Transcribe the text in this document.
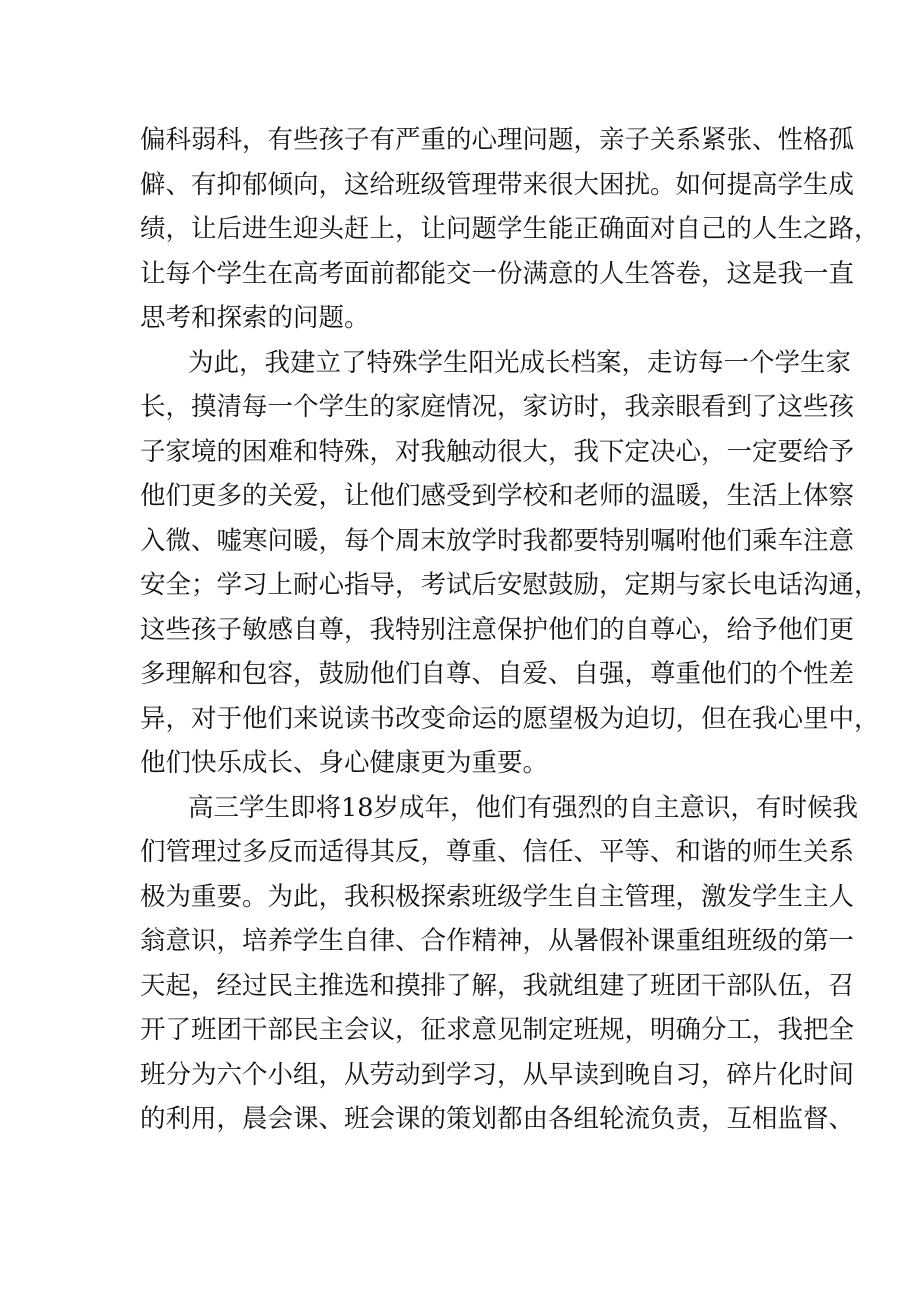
偏科弱科，有些孩子有严重的心理问题，亲子关系紧张、性格孤
僻、有抑郁倾向，这给班级管理带来很大困扰。如何提高学生成
绩，让后进生迎头赶上，让问题学生能正确面对自己的人生之路，
让每个学生在高考面前都能交一份满意的人生答卷，这是我一直
思考和探索的问题。
为此，我建立了特殊学生阳光成长档案，走访每一个学生家
长，摸清每一个学生的家庭情况，家访时，我亲眼看到了这些孩
子家境的困难和特殊，对我触动很大，我下定决心，一定要给予
他们更多的关爱，让他们感受到学校和老师的温暖，生活上体察
入微、嘘寒问暖，每个周末放学时我都要特别嘱咐他们乘车注意
安全；学习上耐心指导，考试后安慰鼓励，定期与家长电话沟通，
这些孩子敏感自尊，我特别注意保护他们的自尊心，给予他们更
多理解和包容，鼓励他们自尊、自爱、自强，尊重他们的个性差
异，对于他们来说读书改变命运的愿望极为迫切，但在我心里中，
他们快乐成长、身心健康更为重要。
高三学生即将18岁成年，他们有强烈的自主意识，有时候我
们管理过多反而适得其反，尊重、信任、平等、和谐的师生关系
极为重要。为此，我积极探索班级学生自主管理，激发学生主人
翁意识，培养学生自律、合作精神，从暑假补课重组班级的第一
天起，经过民主推选和摸排了解，我就组建了班团干部队伍，召
开了班团干部民主会议，征求意见制定班规，明确分工，我把全
班分为六个小组，从劳动到学习，从早读到晚自习，碎片化时间
的利用，晨会课、班会课的策划都由各组轮流负责，互相监督、
